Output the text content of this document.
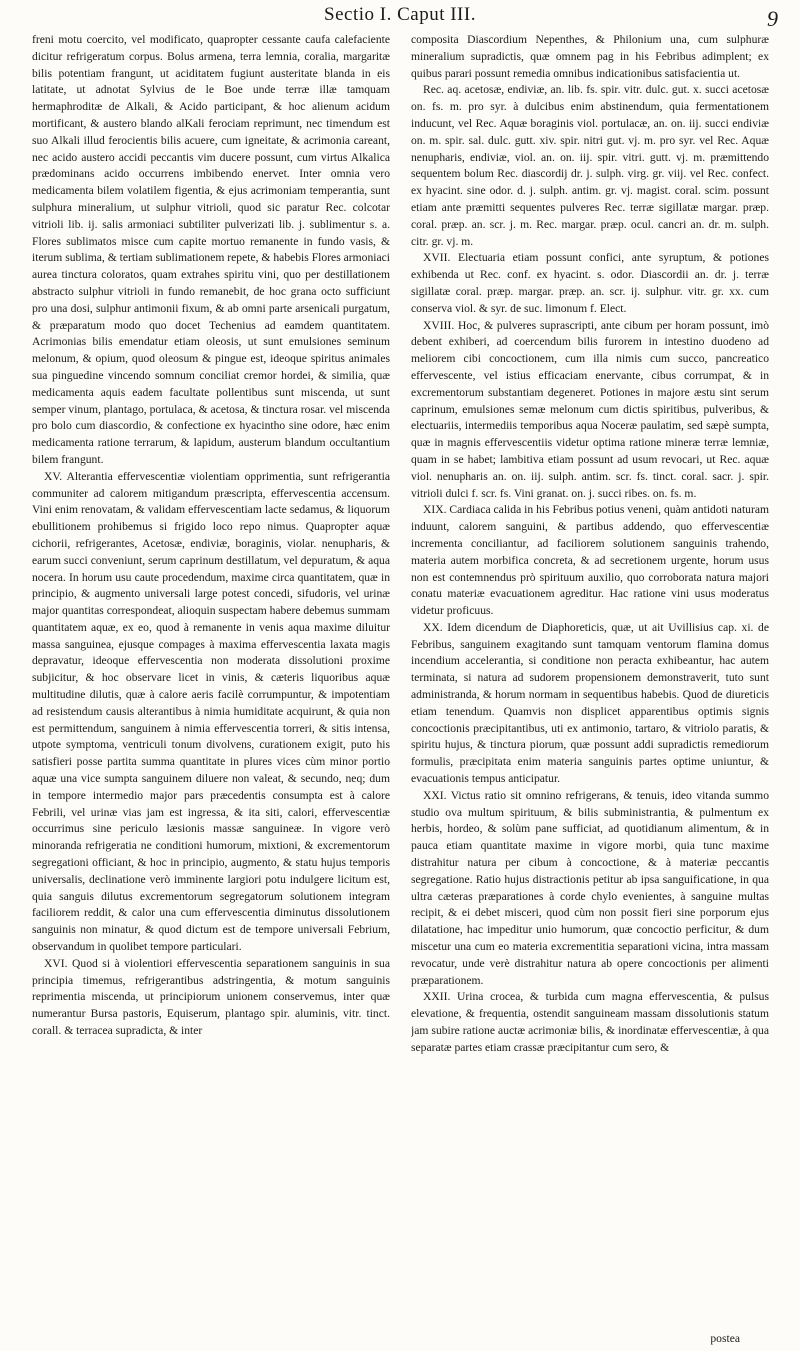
Sectio I. Caput III.	9

freni motu coercito, vel modificato, quapropter cessante caufa calefaciente dicitur refrigeratum corpus. Bolus armena, terra lemnia, coralia, margaritæ bilis potentiam frangunt, ut aciditatem fugiunt austeritate blanda in eis latitate, ut adnotat Sylvius de le Boe unde terræ illæ tamquam hermaphroditæ de Alkali, & Acido participant, & hoc alienum acidum mortificant, & austero blando alKali ferociam reprimunt, nec timendum est suo Alkali illud ferocientis bilis acuere, cum igneitate, & acrimonia careant, nec acido austero accidi peccantis vim ducere possunt, cum virtus Alkalica prædominans acido occurrens imbibendo enervet. Inter omnia vero medicamenta bilem volatilem figentia, & ejus acrimoniam temperantia, sunt sulphura mineralium, ut sulphur vitrioli, quod sic paratur Rec. colcotar vitrioli lib. ij. salis armoniaci subtiliter pulverizati lib. j. sublimentur s. a. Flores sublimatos misce cum capite mortuo remanente in fundo vasis, & iterum sublima, & tertiam sublimationem repete, & habebis Flores armoniaci aurea tinctura coloratos, quam extrahes spiritu vini, quo per destillationem abstracto sulphur vitrioli in fundo remanebit, de hoc grana octo sufficiunt pro una dosi, sulphur antimonii fixum, & ab omni parte arsenicali purgatum, & præparatum modo quo docet Techenius ad eamdem quantitatem. Acrimonias bilis emendatur etiam oleosis, ut sunt emulsiones seminum melonum, & opium, quod oleosum & pingue est, ideoque spiritus animales sua pinguedine vincendo somnum conciliat cremor hordei, & similia, quæ medicamenta aquis eadem facultate pollentibus sunt miscenda, ut sunt semper vinum, plantago, portulaca, & acetosa, & tinctura rosar. vel miscenda pro bolo cum diascordio, & confectione ex hyacintho sine odore, hæc enim medicamenta ratione terrarum, & lapidum, austerum blandum occultantium bilem frangunt.

XV. Alterantia effervescentiæ violentiam opprimentia, sunt refrigerantia communiter ad calorem mitigandum præscripta, effervescentia accensum. Vini enim renovatam, & validam effervescentiam lacte sedamus, & liquorum ebullitionem prohibemus si frigido loco repo nimus. Quapropter aquæ cichorii, refrigerantes, Acetosæ, endiviæ, boraginis, violar. nenupharis, & earum succi conveniunt, serum caprinum destillatum, vel depuratum, & aqua nocera. In horum usu caute procedendum, maxime circa quantitatem, quæ in principio, & augmento universali large potest concedi, sifudoris, vel urinæ major quantitas correspondeat, alioquin suspectam habere debemus summam quantitatem aquæ, ex eo, quod à remanente in venis aqua maxime diluitur massa sanguinea, ejusque compages à maxima effervescentia laxata magis depravatur, ideoque effervescentia non moderata dissolutioni proxime subjicitur, & hoc observare licet in vinis, & cæteris liquoribus aquæ multitudine dilutis, quæ à calore aeris facilè corrumpuntur, & impotentiam ad resistendum causis alterantibus à nimia humiditate acquirunt, & quia non est permittendum, sanguinem à nimia effervescentia torreri, & sitis intensa, utpote symptoma, ventriculi tonum divolvens, curationem exigit, puto his satisfieri posse partita summa quantitate in plures vices cùm minor portio aquæ una vice sumpta sanguinem diluere non valeat, & secundo, neq; dum in tempore intermedio major pars præcedentis consumpta est à calore Febrili, vel urinæ vias jam est ingressa, & ita siti, calori, effervescentiæ occurrimus sine periculo læsionis massæ sanguineæ. In vigore verò minoranda refrigeratia ne conditioni humorum, mixtioni, & excrementorum segregationi officiant, & hoc in principio, augmento, & statu hujus temporis universalis, declinatione verò imminente largiori potu indulgere licitum est, quia sanguis dilutus excrementorum segregatorum solutionem integram faciliorem reddit, & calor una cum effervescentia diminutus dissolutionem sanguinis non minatur, & quod dictum est de tempore universali Febrium, observandum in quolibet tempore particulari.

XVI. Quod si à violentiori effervescentia separationem sanguinis in sua principia timemus, refrigerantibus adstringentia, & motum sanguinis reprimentia miscenda, ut principiorum unionem conservemus, inter quæ numerantur Bursa pastoris, Equiserum, plantago spir. aluminis, vitr. tinct. corall. & terracea supradicta, & inter

composita Diascordium Nepenthes, & Philonium una, cum sulphuræ mineralium supradictis, quæ omnem pag in his Febribus adimplent; ex quibus parari possunt remedia omnibus indicationibus satisfacientia ut.

Rec. aq. acetosæ, endiviæ, an. lib. fs. spir. vitr. dulc. gut. x. succi acetosæ on. fs. m. pro syr. à dulcibus enim abstinendum, quia fermentationem inducunt, vel Rec. Aquæ boraginis viol. portulacæ, an. on. iij. succi endiviæ on. m. spir. sal. dulc. gutt. xiv. spir. nitri gut. vj. m. pro syr. vel Rec. Aquæ nenupharis, endiviæ, viol. an. on. iij. spir. vitri. gutt. vj. m. præmittendo sequentem bolum Rec. diascordij dr. j. sulph. virg. gr. viij. vel Rec. confect. ex hyacint. sine odor. d. j. sulph. antim. gr. vj. magist. coral. scim. possunt etiam ante præmitti sequentes pulveres Rec. terræ sigillatæ margar. præp. coral. præp. an. scr. j. m. Rec. margar. præp. ocul. cancri an. dr. m. sulph. citr. gr. vj. m.

XVII. Electuaria etiam possunt confici, ante syruptum, & potiones exhibenda ut Rec. conf. ex hyacint. s. odor. Diascordii an. dr. j. terræ sigillatæ coral. præp. margar. præp. an. scr. ij. sulphur. vitr. gr. xx. cum conserva viol. & syr. de suc. limonum f. Elect.

XVIII. Hoc, & pulveres suprascripti, ante cibum per horam possunt, imò debent exhiberi, ad coercendum bilis furorem in intestino duodeno ad meliorem cibi concoctionem, cum illa nimis cum succo, pancreatico effervescente, vel istius efficaciam enervante, cibus corrumpat, & in excrementorum substantiam degeneret. Potiones in majore æstu sint serum caprinum, emulsiones semæ melonum cum dictis spiritibus, pulveribus, & electuariis, intermediis temporibus aqua Noceræ paulatim, sed sæpè sumpta, quæ in magnis effervescentiis videtur optima ratione mineræ terræ lemniæ, quam in se habet; lambitiva etiam possunt ad usum revocari, ut Rec. aquæ viol. nenupharis an. on. iij. sulph. antim. scr. fs. tinct. coral. sacr. j. spir. vitrioli dulci f. scr. fs. Vini granat. on. j. succi ribes. on. fs. m.

XIX. Cardiaca calida in his Febribus potius veneni, quàm antidoti naturam induunt, calorem sanguini, & partibus addendo, quo effervescentiæ incrementa conciliantur, ad faciliorem solutionem sanguinis trahendo, materia autem morbifica concreta, & ad secretionem urgente, horum usus non est contemnendus prò spirituum auxilio, quo corroborata natura majori conatu materiæ evacuationem agreditur. Hac ratione vini usus moderatus videtur proficuus.

XX. Idem dicendum de Diaphoreticis, quæ, ut ait Uvillisius cap. xi. de Febribus, sanguinem exagitando sunt tamquam ventorum flamina domus incendium accelerantia, si conditione non peracta exhibeantur, hac autem terminata, si natura ad sudorem propensionem demonstraverit, tuto sunt administranda, & horum normam in sequentibus habebis. Quod de diureticis etiam tenendum. Quamvis non displicet apparentibus optimis signis concoctionis præcipitantibus, uti ex antimonio, tartaro, & vitriolo paratis, & spiritu hujus, & tinctura piorum, quæ possunt addi supradictis remediorum formulis, præcipitata enim materia sanguinis partes optime uniuntur, & evacuationis tempus anticipatur.

XXI. Victus ratio sit omnino refrigerans, & tenuis, ideo vitanda summo studio ova multum spirituum, & bilis subministrantia, & pulmentum ex herbis, hordeo, & solùm pane sufficiat, ad quotidianum alimentum, & in pauca etiam quantitate maxime in vigore morbi, quia tunc maxime distrahitur natura per cibum à concoctione, & à materiæ peccantis segregatione. Ratio hujus distractionis petitur ab ipsa sanguificatione, in qua ultra cæteras præparationes à corde chylo evenientes, à sanguine multas recipit, & ei debet misceri, quod cùm non possit fieri sine porporum ejus dilatatione, hac impeditur unio humorum, quæ concoctio perficitur, & dum miscetur una cum eo materia excrementitia separationi vicina, intra massam revocatur, unde verè distrahitur natura ab opere concoctionis per alimenti præparationem.

XXII. Urina crocea, & turbida cum magna effervescentia, & pulsus elevatione, & frequentia, ostendit sanguineam massam dissolutionis statum jam subire ratione auctæ acrimoniæ bilis, & inordinatæ effervescentiæ, à qua separatæ partes etiam crassæ præcipitantur cum sero, &

postea
